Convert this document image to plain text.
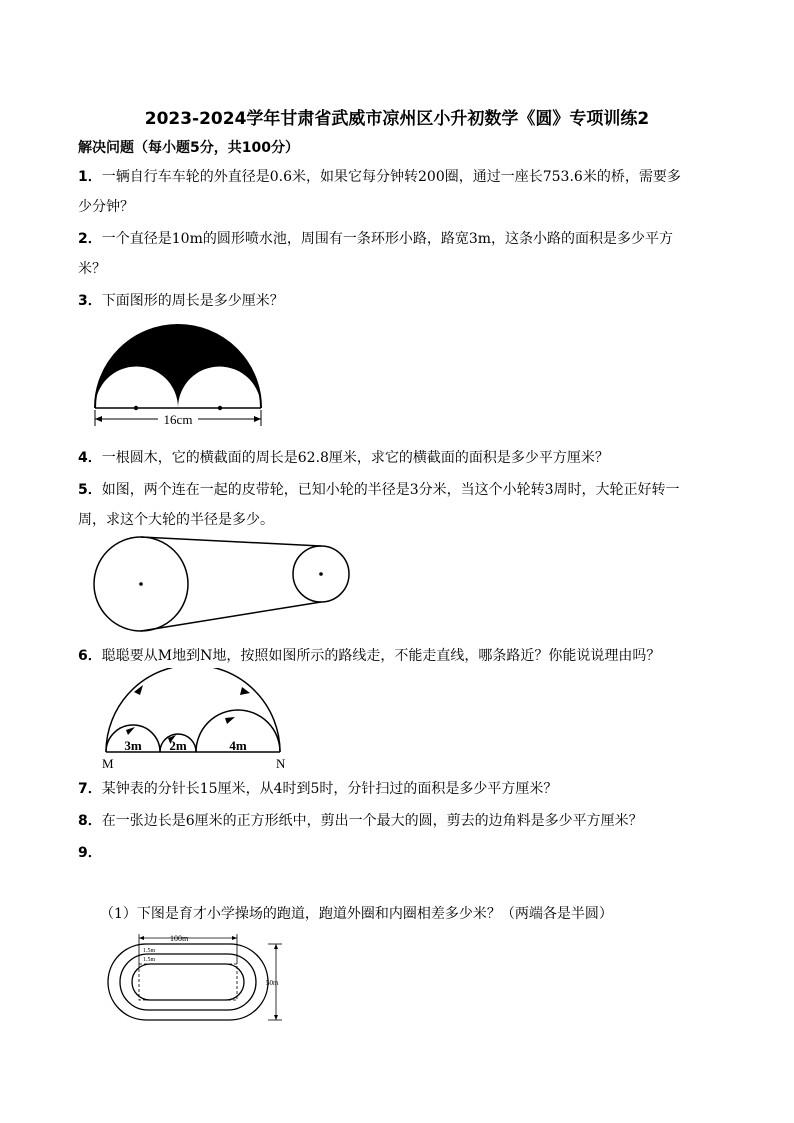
2023-2024学年甘肃省武威市凉州区小升初数学《圆》专项训练2
解决问题（每小题5分，共100分）
1．一辆自行车车轮的外直径是0.6米，如果它每分钟转200圈，通过一座长753.6米的桥，需要多
少分钟？
2．一个直径是10m的圆形喷水池，周围有一条环形小路，路宽3m，这条小路的面积是多少平方
米？
3．下面图形的周长是多少厘米？
16cm
4．一根圆木，它的横截面的周长是62.8厘米，求它的横截面的面积是多少平方厘米？
5．如图，两个连在一起的皮带轮，已知小轮的半径是3分米，当这个小轮转3周时，大轮正好转一
周，求这个大轮的半径是多少。
6．聪聪要从M地到N地，按照如图所示的路线走，不能走直线，哪条路近？你能说说理由吗？
3m 2m	4m
M	N
7．某钟表的分针长15厘米，从4时到5时，分针扫过的面积是多少平方厘米？
8．在一张边长是6厘米的正方形纸中，剪出一个最大的圆，剪去的边角料是多少平方厘米？
9．
（1）下图是育才小学操场的跑道，跑道外圈和内圈相差多少米？（两端各是半圆）
100m
1.5m
1.5m
50m
